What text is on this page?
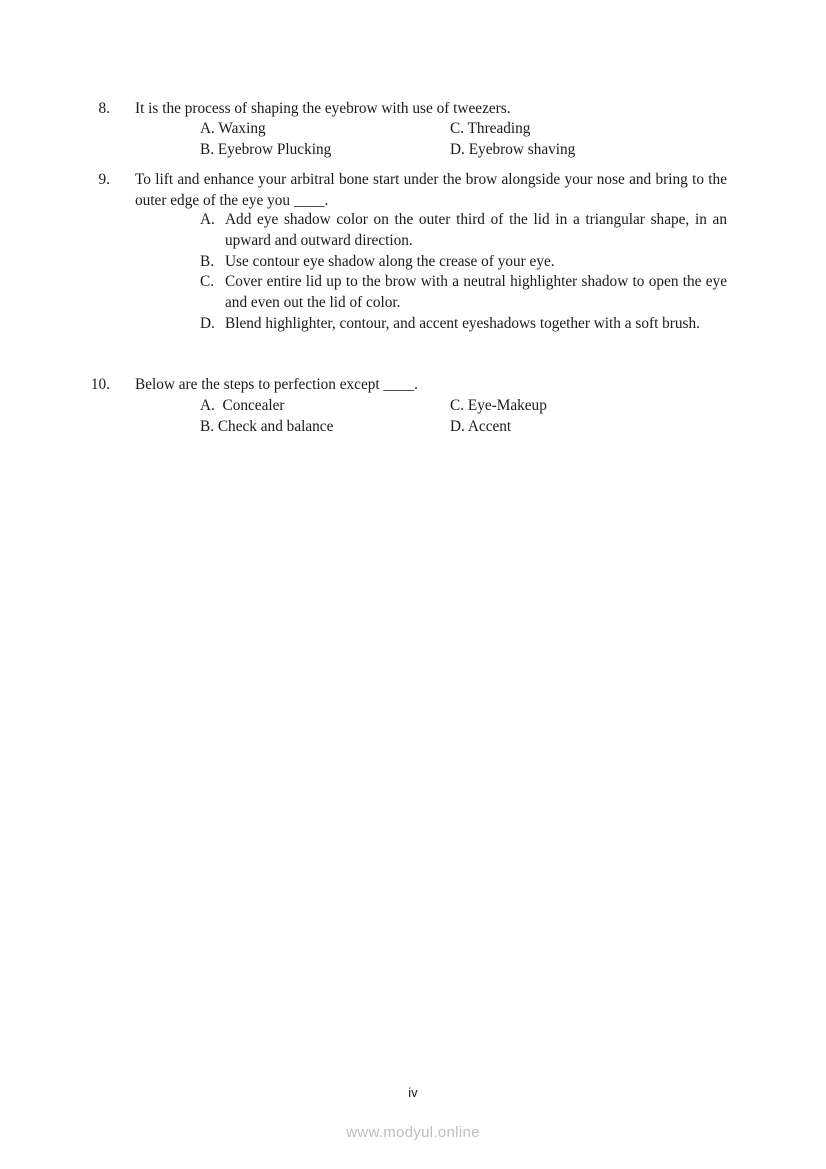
8. It is the process of shaping the eyebrow with use of tweezers.
A. Waxing	C. Threading
B. Eyebrow Plucking	D. Eyebrow shaving
9. To lift and enhance your arbitral bone start under the brow alongside your nose and bring to the outer edge of the eye you ____.
A. Add eye shadow color on the outer third of the lid in a triangular shape, in an upward and outward direction.
B. Use contour eye shadow along the crease of your eye.
C. Cover entire lid up to the brow with a neutral highlighter shadow to open the eye and even out the lid of color.
D. Blend highlighter, contour, and accent eyeshadows together with a soft brush.
10. Below are the steps to perfection except ____.
A.  Concealer	C. Eye-Makeup
B. Check and balance	D. Accent
iv
www.modyul.online
